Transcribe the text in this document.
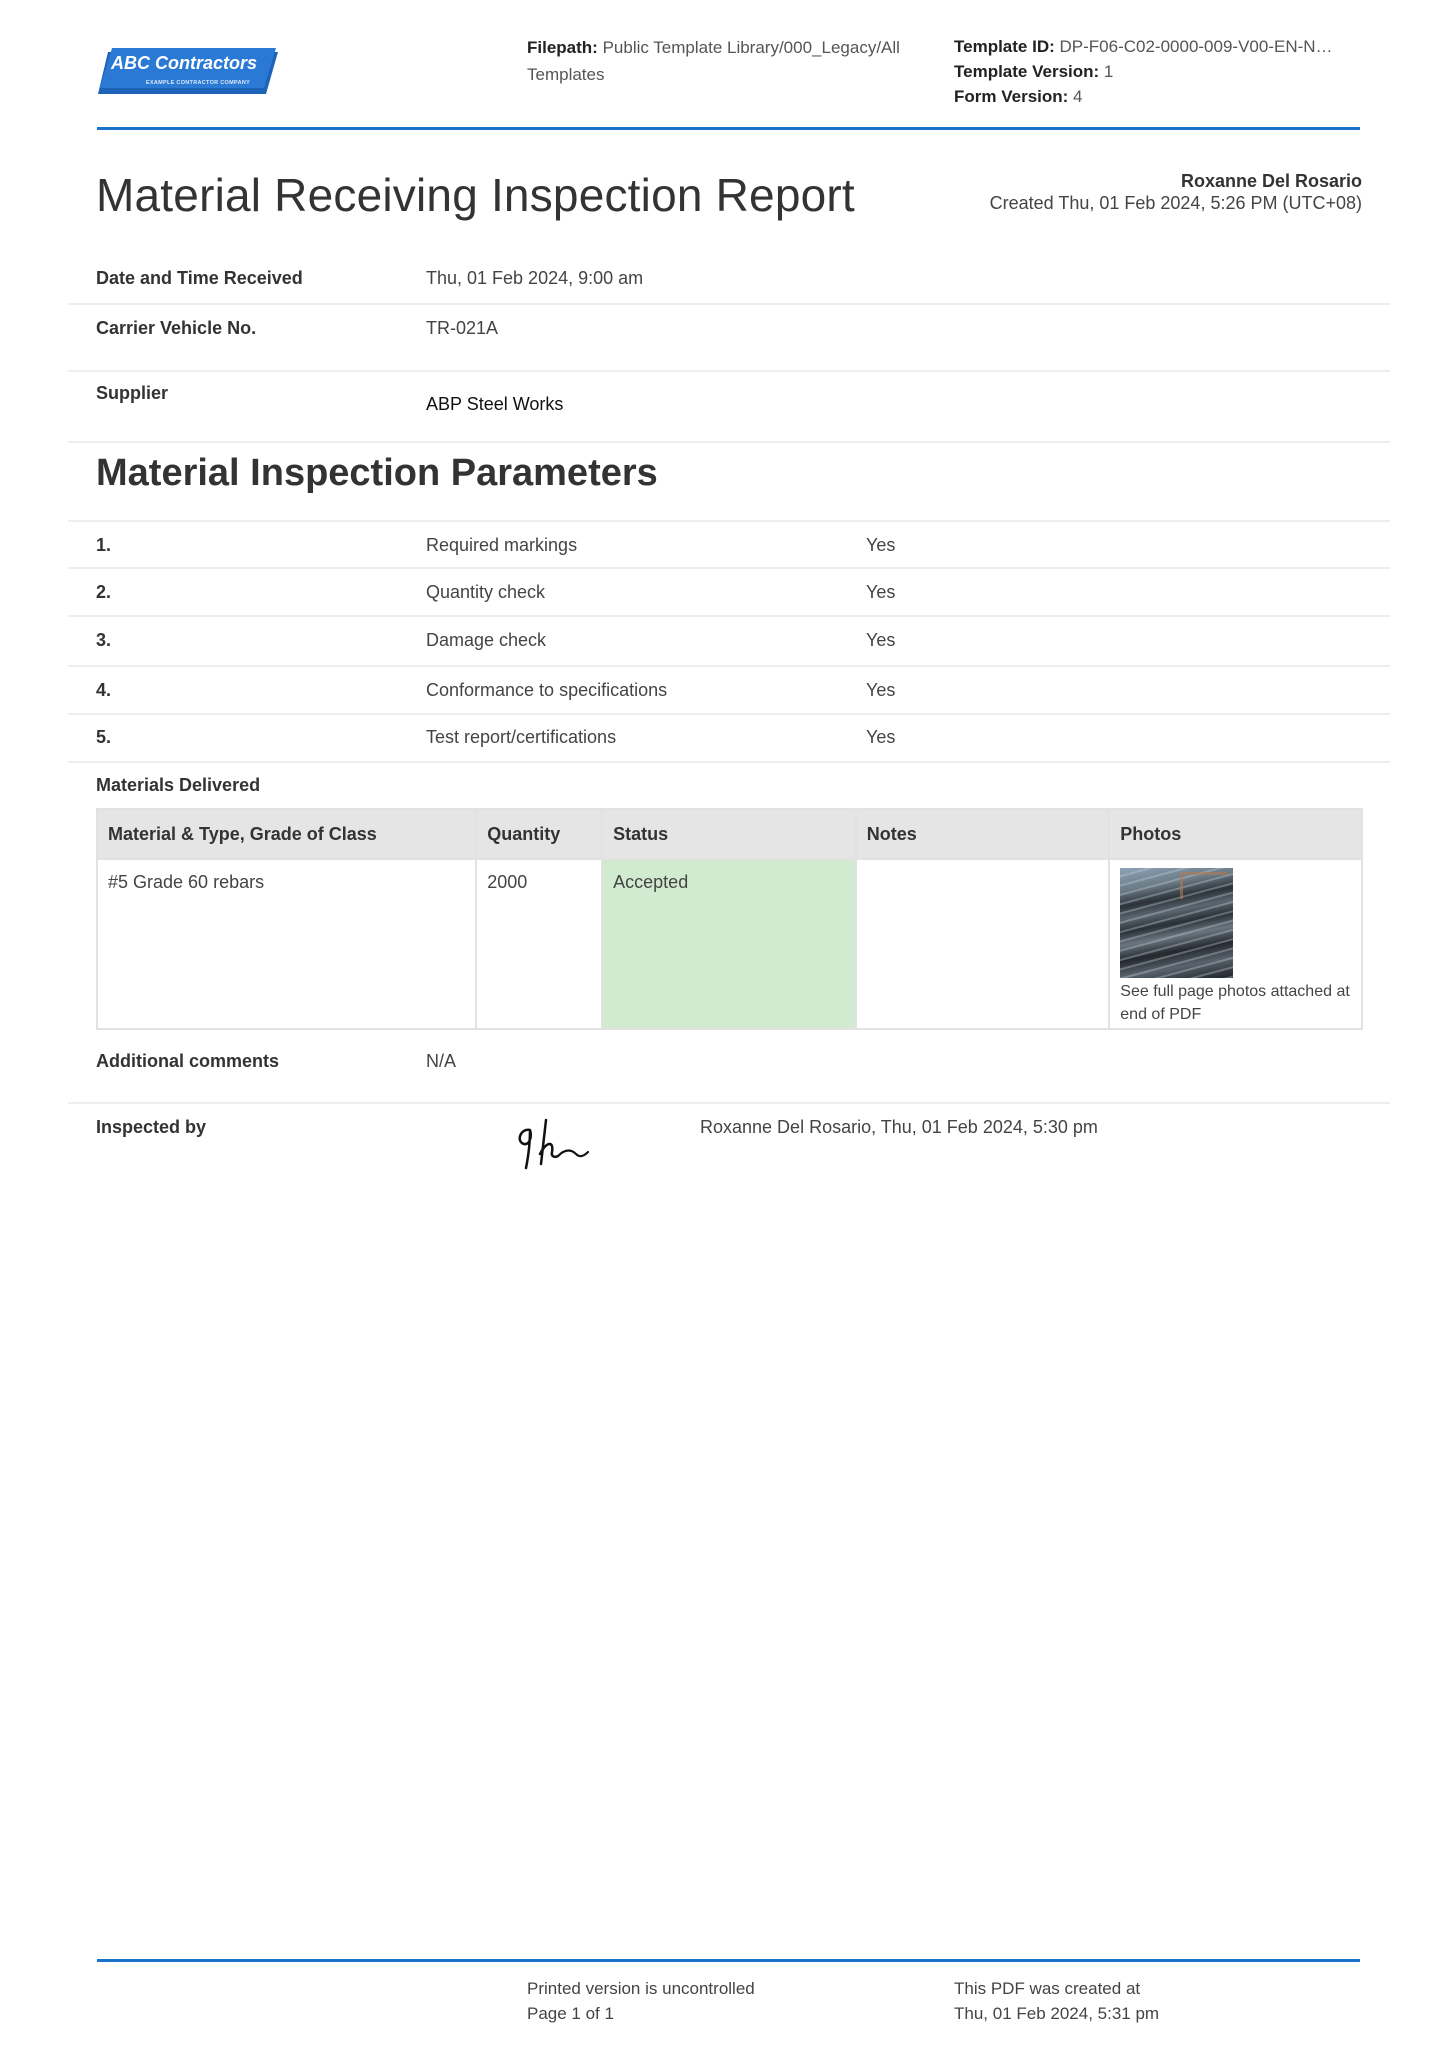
ABC Contractors
EXAMPLE CONTRACTOR COMPANY
Filepath: Public Template Library/000_Legacy/All
Templates
Template ID: DP-F06-C02-0000-009-V00-EN-N…
Template Version: 1
Form Version: 4
Material Receiving Inspection Report	Roxanne Del Rosario
Created Thu, 01 Feb 2024, 5:26 PM (UTC+08)
Date and Time Received	Thu, 01 Feb 2024, 9:00 am
Carrier Vehicle No.	TR-021A
Supplier
ABP Steel Works
Material Inspection Parameters
1.	Required markings	Yes
2.	Quantity check	Yes
3.	Damage check	Yes
4.	Conformance to specifications	Yes
5.	Test report/certifications	Yes
Materials Delivered
Material & Type, Grade of Class	Quantity	Status	Notes	Photos
#5 Grade 60 rebars	2000	Accepted		See full page photos attached at end of PDF
Additional comments	N/A
Inspected by	Roxanne Del Rosario, Thu, 01 Feb 2024, 5:30 pm
Printed version is uncontrolled
Page 1 of 1
This PDF was created at
Thu, 01 Feb 2024, 5:31 pm
